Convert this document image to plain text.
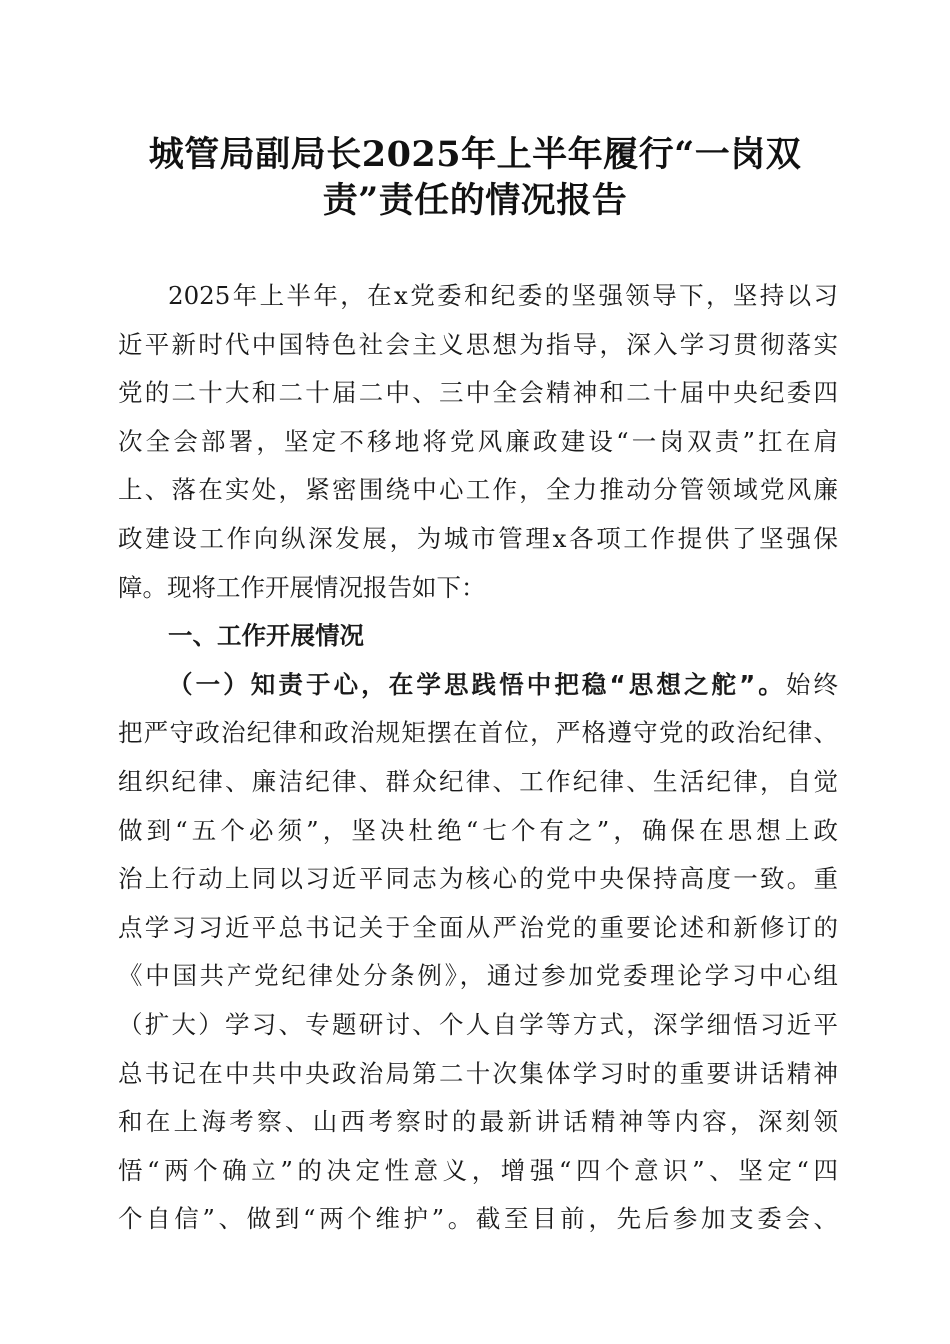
城管局副局长2025年上半年履行“一岗双
责”责任的情况报告
2025年上半年，在x党委和纪委的坚强领导下，坚持以习
近平新时代中国特色社会主义思想为指导，深入学习贯彻落实
党的二十大和二十届二中、三中全会精神和二十届中央纪委四
次全会部署，坚定不移地将党风廉政建设“一岗双责”扛在肩
上、落在实处，紧密围绕中心工作，全力推动分管领域党风廉
政建设工作向纵深发展，为城市管理x各项工作提供了坚强保
障。现将工作开展情况报告如下：
一、工作开展情况
（一）知责于心，在学思践悟中把稳“思想之舵”。始终
把严守政治纪律和政治规矩摆在首位，严格遵守党的政治纪律、
组织纪律、廉洁纪律、群众纪律、工作纪律、生活纪律，自觉
做到“五个必须”，坚决杜绝“七个有之”，确保在思想上政
治上行动上同以习近平同志为核心的党中央保持高度一致。重
点学习习近平总书记关于全面从严治党的重要论述和新修订的
《中国共产党纪律处分条例》，通过参加党委理论学习中心组
（扩大）学习、专题研讨、个人自学等方式，深学细悟习近平
总书记在中共中央政治局第二十次集体学习时的重要讲话精神
和在上海考察、山西考察时的最新讲话精神等内容，深刻领
悟“两个确立”的决定性意义，增强“四个意识”、坚定“四
个自信”、做到“两个维护”。截至目前，先后参加支委会、
